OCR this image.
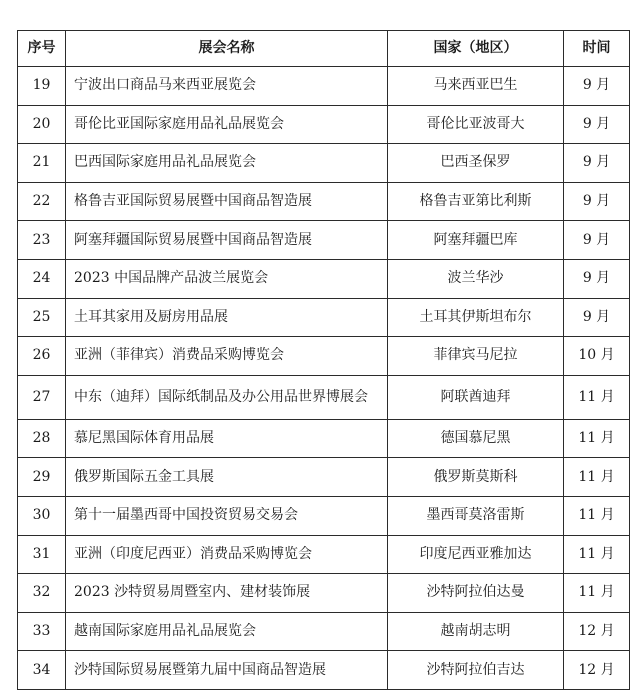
序号	展会名称	国家（地区）	时间
19	宁波出口商品马来西亚展览会	马来西亚巴生	9 月
20	哥伦比亚国际家庭用品礼品展览会	哥伦比亚波哥大	9 月
21	巴西国际家庭用品礼品展览会	巴西圣保罗	9 月
22	格鲁吉亚国际贸易展暨中国商品智造展	格鲁吉亚第比利斯	9 月
23	阿塞拜疆国际贸易展暨中国商品智造展	阿塞拜疆巴库	9 月
24	2023 中国品牌产品波兰展览会	波兰华沙	9 月
25	土耳其家用及厨房用品展	土耳其伊斯坦布尔	9 月
26	亚洲（菲律宾）消费品采购博览会	菲律宾马尼拉	10 月
27	中东（迪拜）国际纸制品及办公用品世界博展会	阿联酋迪拜	11 月
28	慕尼黑国际体育用品展	德国慕尼黑	11 月
29	俄罗斯国际五金工具展	俄罗斯莫斯科	11 月
30	第十一届墨西哥中国投资贸易交易会	墨西哥莫洛雷斯	11 月
31	亚洲（印度尼西亚）消费品采购博览会	印度尼西亚雅加达	11 月
32	2023 沙特贸易周暨室内、建材装饰展	沙特阿拉伯达曼	11 月
33	越南国际家庭用品礼品展览会	越南胡志明	12 月
34	沙特国际贸易展暨第九届中国商品智造展	沙特阿拉伯吉达	12 月
